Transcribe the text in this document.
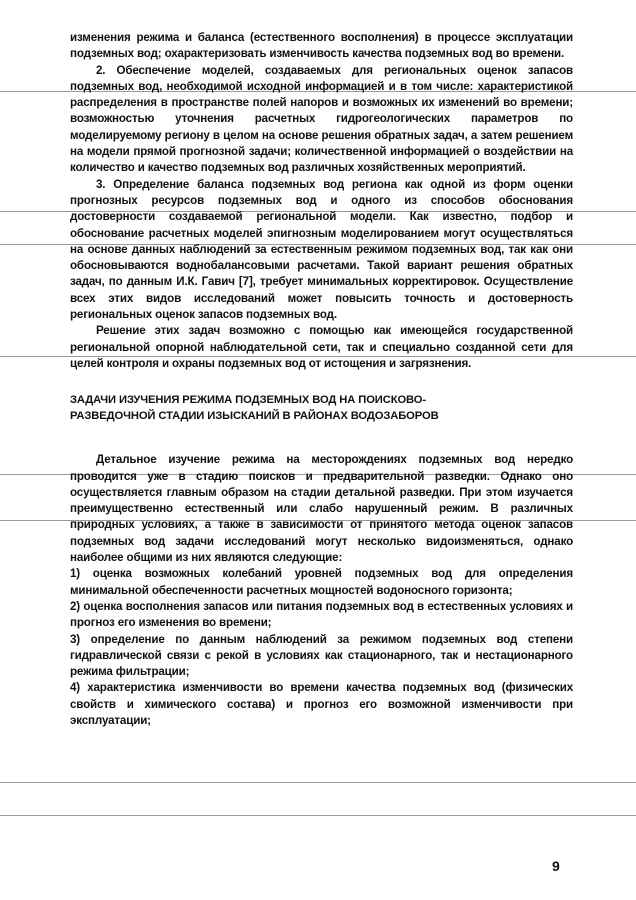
изменения режима и баланса (естественного восполнения) в процессе эксплуатации подземных вод; охарактеризовать изменчивость качества подземных вод во времени.

2. Обеспечение моделей, создаваемых для региональных оценок запасов подземных вод, необходимой исходной информацией и в том числе: характеристикой распределения в пространстве полей напоров и возможных их изменений во времени; возможностью уточнения расчетных гидрогеологических параметров по моделируемому региону в целом на основе решения обратных задач, а затем решением на модели прямой прогнозной задачи; количественной информацией о воздействии на количество и качество подземных вод различных хозяйственных мероприятий.

3. Определение баланса подземных вод региона как одной из форм оценки прогнозных ресурсов подземных вод и одного из способов обоснования достоверности создаваемой региональной модели. Как известно, подбор и обоснование расчетных моделей эпигнозным моделированием могут осуществляться на основе данных наблюдений за естественным режимом подземных вод, так как они обосновываются воднобалансовыми расчетами. Такой вариант решения обратных задач, по данным И.К. Гавич [7], требует минимальных корректировок. Осуществление всех этих видов исследований может повысить точность и достоверность региональных оценок запасов подземных вод.

Решение этих задач возможно с помощью как имеющейся государственной региональной опорной наблюдательной сети, так и специально созданной сети для целей контроля и охраны подземных вод от истощения и загрязнения.

ЗАДАЧИ ИЗУЧЕНИЯ РЕЖИМА ПОДЗЕМНЫХ ВОД НА ПОИСКОВО-
РАЗВЕДОЧНОЙ СТАДИИ ИЗЫСКАНИЙ В РАЙОНАХ ВОДОЗАБОРОВ

Детальное изучение режима на месторождениях подземных вод нередко проводится уже в стадию поисков и предварительной разведки. Однако оно осуществляется главным образом на стадии детальной разведки. При этом изучается преимущественно естественный или слабо нарушенный режим. В различных природных условиях, а также в зависимости от принятого метода оценок запасов подземных вод задачи исследований могут несколько видоизменяться, однако наиболее общими из них являются следующие:

1) оценка возможных колебаний уровней подземных вод для определения минимальной обеспеченности расчетных мощностей водоносного горизонта;

2) оценка восполнения запасов или питания подземных вод в естественных условиях и прогноз его изменения во времени;

3) определение по данным наблюдений за режимом подземных вод степени гидравлической связи с рекой в условиях как стационарного, так и нестационарного режима фильтрации;

4) характеристика изменчивости во времени качества подземных вод (физических свойств и химического состава) и прогноз его возможной изменчивости при эксплуатации;

9
